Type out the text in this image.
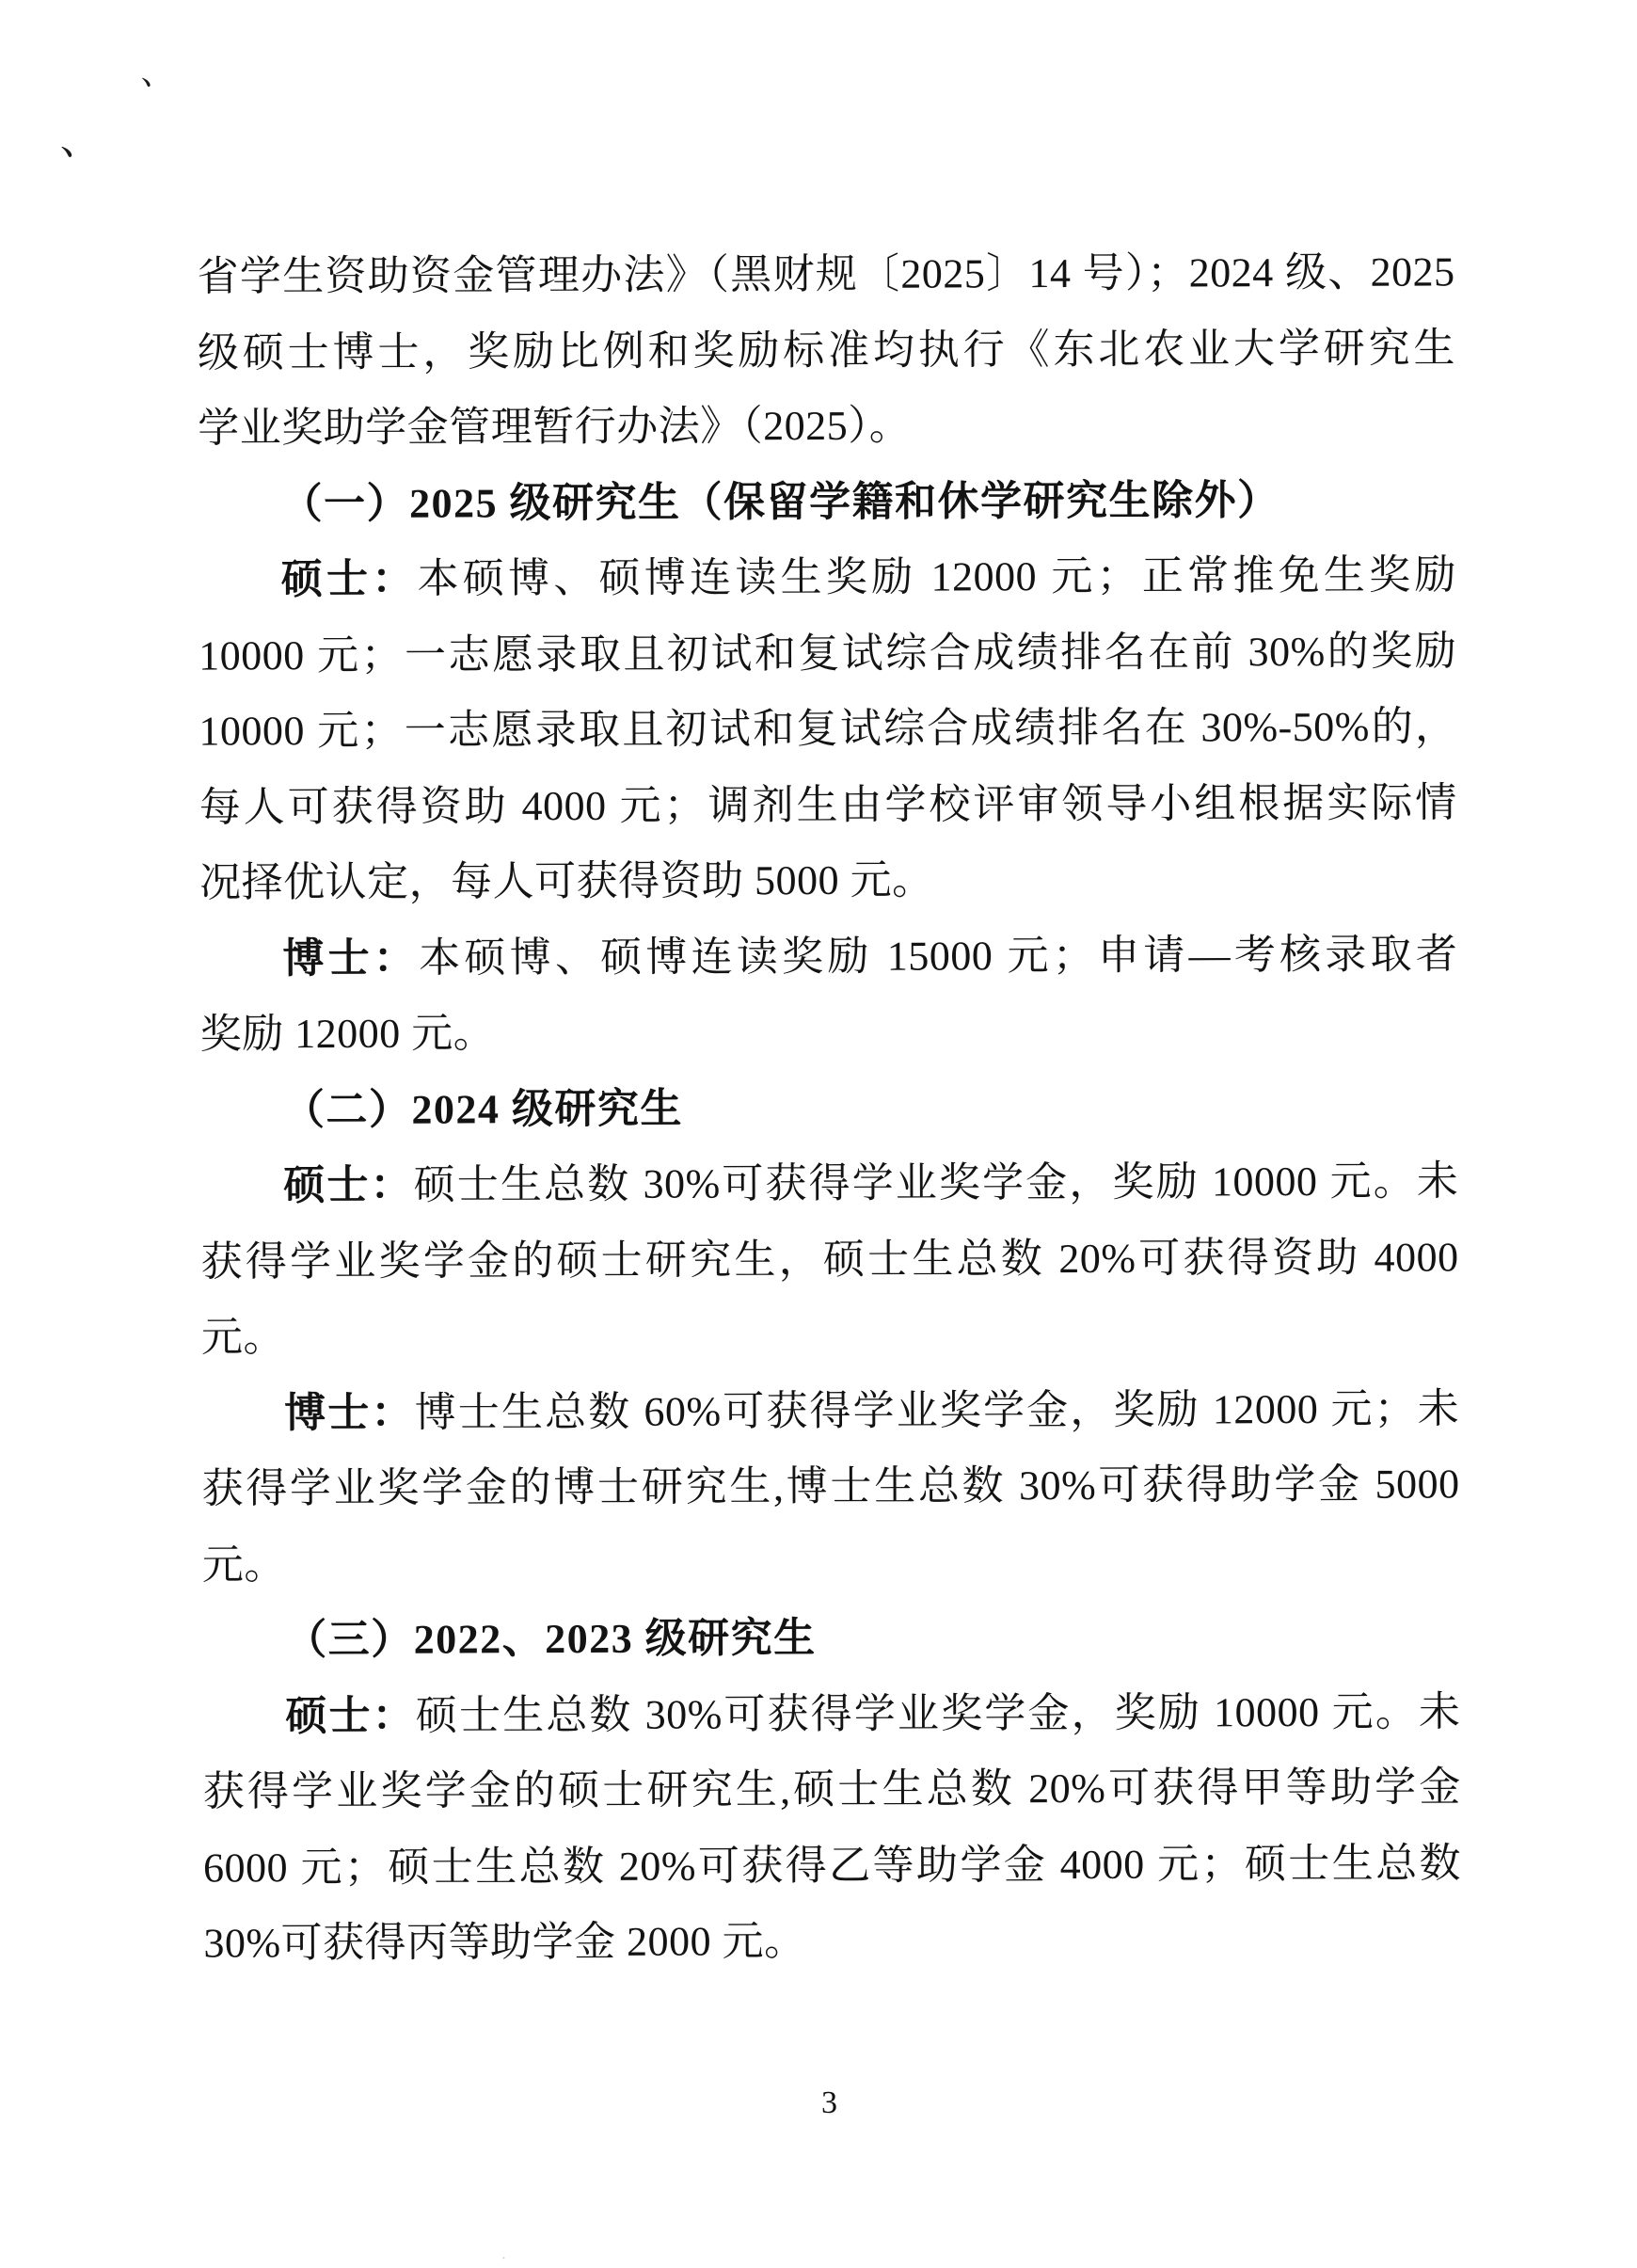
、
、
.
省学生资助资金管理办法》（黑财规〔2025〕14 号）；2024 级、2025
级硕士博士，奖励比例和奖励标准均执行《东北农业大学研究生
学业奖助学金管理暂行办法》（2025）。
（一）2025 级研究生（保留学籍和休学研究生除外）
硕士：本硕博、硕博连读生奖励 12000 元；正常推免生奖励
10000 元；一志愿录取且初试和复试综合成绩排名在前 30%的奖励
10000 元；一志愿录取且初试和复试综合成绩排名在 30%-50%的，
每人可获得资助 4000 元；调剂生由学校评审领导小组根据实际情
况择优认定，每人可获得资助 5000 元。
博士：本硕博、硕博连读奖励 15000 元；申请—考核录取者
奖励 12000 元。
（二）2024 级研究生
硕士：硕士生总数 30%可获得学业奖学金，奖励 10000 元。未
获得学业奖学金的硕士研究生，硕士生总数 20%可获得资助 4000
元。
博士：博士生总数 60%可获得学业奖学金，奖励 12000 元；未
获得学业奖学金的博士研究生,博士生总数 30%可获得助学金 5000
元。
（三）2022、2023 级研究生
硕士：硕士生总数 30%可获得学业奖学金，奖励 10000 元。未
获得学业奖学金的硕士研究生,硕士生总数 20%可获得甲等助学金
6000 元；硕士生总数 20%可获得乙等助学金 4000 元；硕士生总数
30%可获得丙等助学金 2000 元。
3
